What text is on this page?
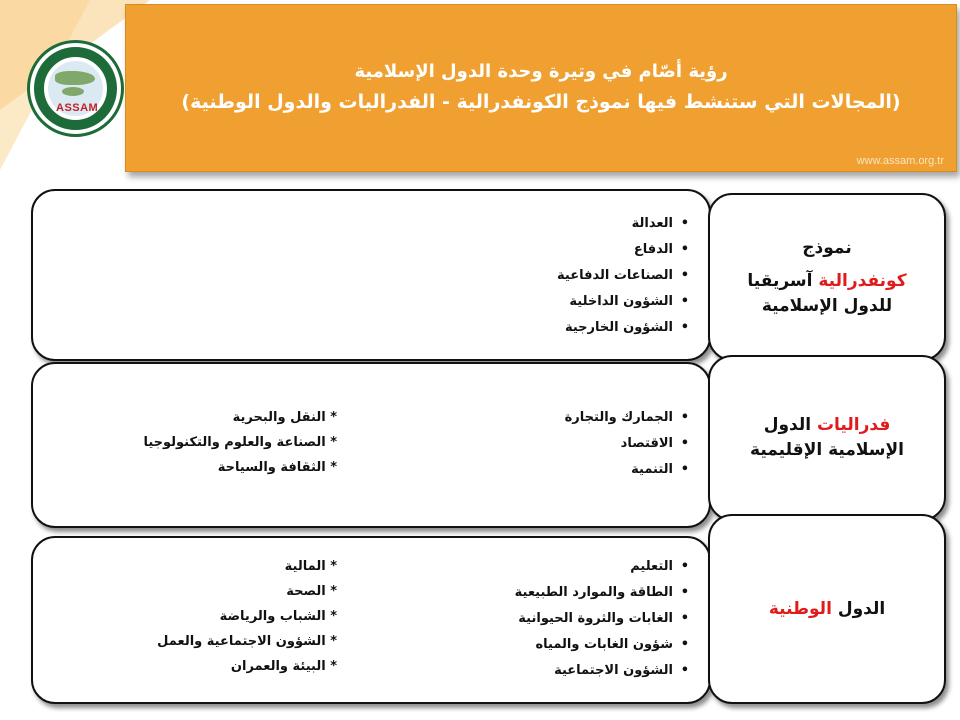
ASSAM
رؤية أصّام في وتيرة وحدة الدول الإسلامية
(المجالات التي ستنشط فيها نموذج الكونفدرالية - الفدراليات والدول الوطنية)
www.assam.org.tr
• العدالة
• الدفاع
• الصناعات الدفاعية
• الشؤون الداخلية
• الشؤون الخارجية
نموذج
كونفدرالية آسريقيا
للدول الإسلامية
• الجمارك والتجارة
• الاقتصاد
• التنمية
* النقل والبحرية
* الصناعة والعلوم والتكنولوجيا
* الثقافة والسياحة
فدراليات الدول
الإسلامية الإقليمية
• التعليم
• الطاقة والموارد الطبيعية
• الغابات والثروة الحيوانية
• شؤون الغابات والمياه
• الشؤون الاجتماعية
* المالية
* الصحة
* الشباب والرياضة
* الشؤون الاجتماعية والعمل
* البيئة والعمران
الدول الوطنية
